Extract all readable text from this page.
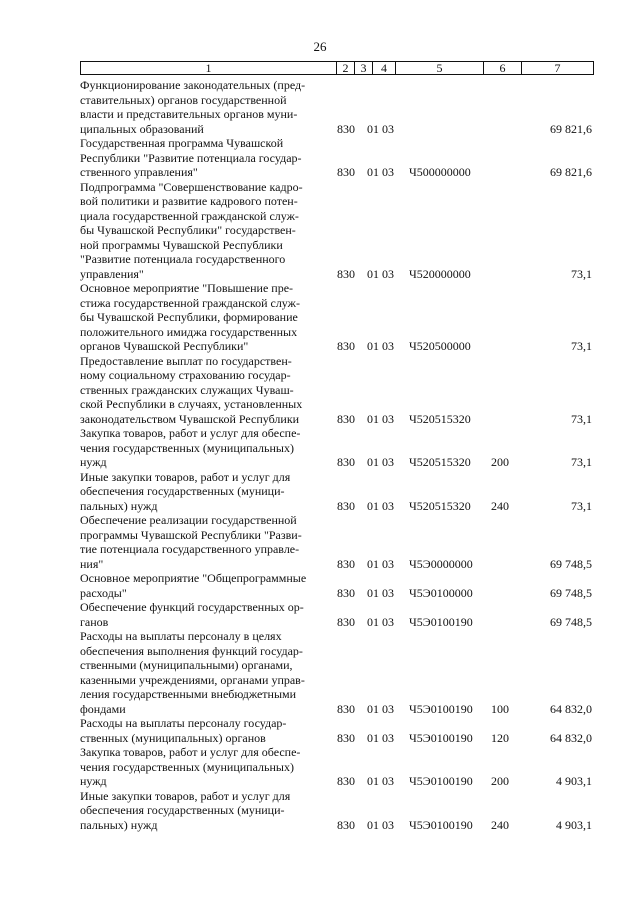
26
1	2	3	4	5	6	7
Функционирование законодательных (пред-
ставительных) органов государственной
власти и представительных органов муни-
ципальных образований	830 01 03	69 821,6
Государственная программа Чувашской
Республики "Развитие потенциала государ-
ственного управления"	830 01 03 Ч500000000	69 821,6
Подпрограмма "Совершенствование кадро-
вой политики и развитие кадрового потен-
циала государственной гражданской служ-
бы Чувашской Республики" государствен-
ной программы Чувашской Республики
"Развитие потенциала государственного
управления"	830 01 03 Ч520000000	73,1
Основное мероприятие "Повышение пре-
стижа государственной гражданской служ-
бы Чувашской Республики, формирование
положительного имиджа государственных
органов Чувашской Республики"	830 01 03 Ч520500000	73,1
Предоставление выплат по государствен-
ному социальному страхованию государ-
ственных гражданских служащих Чуваш-
ской Республики в случаях, установленных
законодательством Чувашской Республики	830 01 03 Ч520515320	73,1
Закупка товаров, работ и услуг для обеспе-
чения государственных (муниципальных)
нужд	830 01 03 Ч520515320 200	73,1
Иные закупки товаров, работ и услуг для
обеспечения государственных (муници-
пальных) нужд	830 01 03 Ч520515320 240	73,1
Обеспечение реализации государственной
программы Чувашской Республики "Разви-
тие потенциала государственного управле-
ния"	830 01 03 Ч5Э0000000	69 748,5
Основное мероприятие "Общепрограммные
расходы"	830 01 03 Ч5Э0100000	69 748,5
Обеспечение функций государственных ор-
ганов	830 01 03 Ч5Э0100190	69 748,5
Расходы на выплаты персоналу в целях
обеспечения выполнения функций государ-
ственными (муниципальными) органами,
казенными учреждениями, органами управ-
ления государственными внебюджетными
фондами	830 01 03 Ч5Э0100190 100	64 832,0
Расходы на выплаты персоналу государ-
ственных (муниципальных) органов	830 01 03 Ч5Э0100190 120	64 832,0
Закупка товаров, работ и услуг для обеспе-
чения государственных (муниципальных)
нужд	830 01 03 Ч5Э0100190 200	4 903,1
Иные закупки товаров, работ и услуг для
обеспечения государственных (муници-
пальных) нужд	830 01 03 Ч5Э0100190 240	4 903,1
